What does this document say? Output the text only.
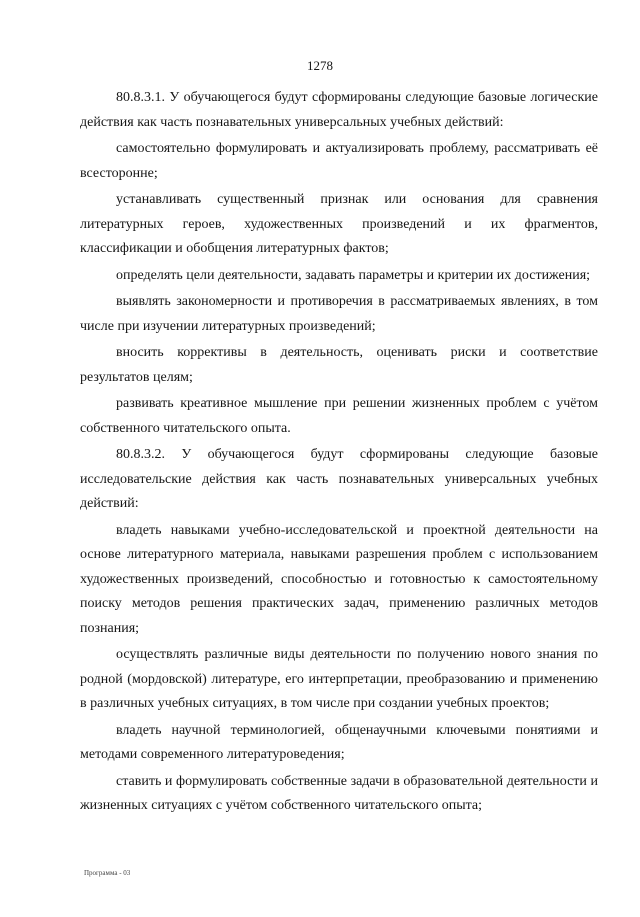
1278

80.8.3.1. У обучающегося будут сформированы следующие базовые логические действия как часть познавательных универсальных учебных действий:

самостоятельно формулировать и актуализировать проблему, рассматривать её всесторонне;

устанавливать существенный признак или основания для сравнения литературных героев, художественных произведений и их фрагментов, классификации и обобщения литературных фактов;

определять цели деятельности, задавать параметры и критерии их достижения;

выявлять закономерности и противоречия в рассматриваемых явлениях, в том числе при изучении литературных произведений;

вносить коррективы в деятельность, оценивать риски и соответствие результатов целям;

развивать креативное мышление при решении жизненных проблем с учётом собственного читательского опыта.

80.8.3.2. У обучающегося будут сформированы следующие базовые исследовательские действия как часть познавательных универсальных учебных действий:

владеть навыками учебно-исследовательской и проектной деятельности на основе литературного материала, навыками разрешения проблем с использованием художественных произведений, способностью и готовностью к самостоятельному поиску методов решения практических задач, применению различных методов познания;

осуществлять различные виды деятельности по получению нового знания по родной (мордовской) литературе, его интерпретации, преобразованию и применению в различных учебных ситуациях, в том числе при создании учебных проектов;

владеть научной терминологией, общенаучными ключевыми понятиями и методами современного литературоведения;

ставить и формулировать собственные задачи в образовательной деятельности и жизненных ситуациях с учётом собственного читательского опыта;

Программа - 03
